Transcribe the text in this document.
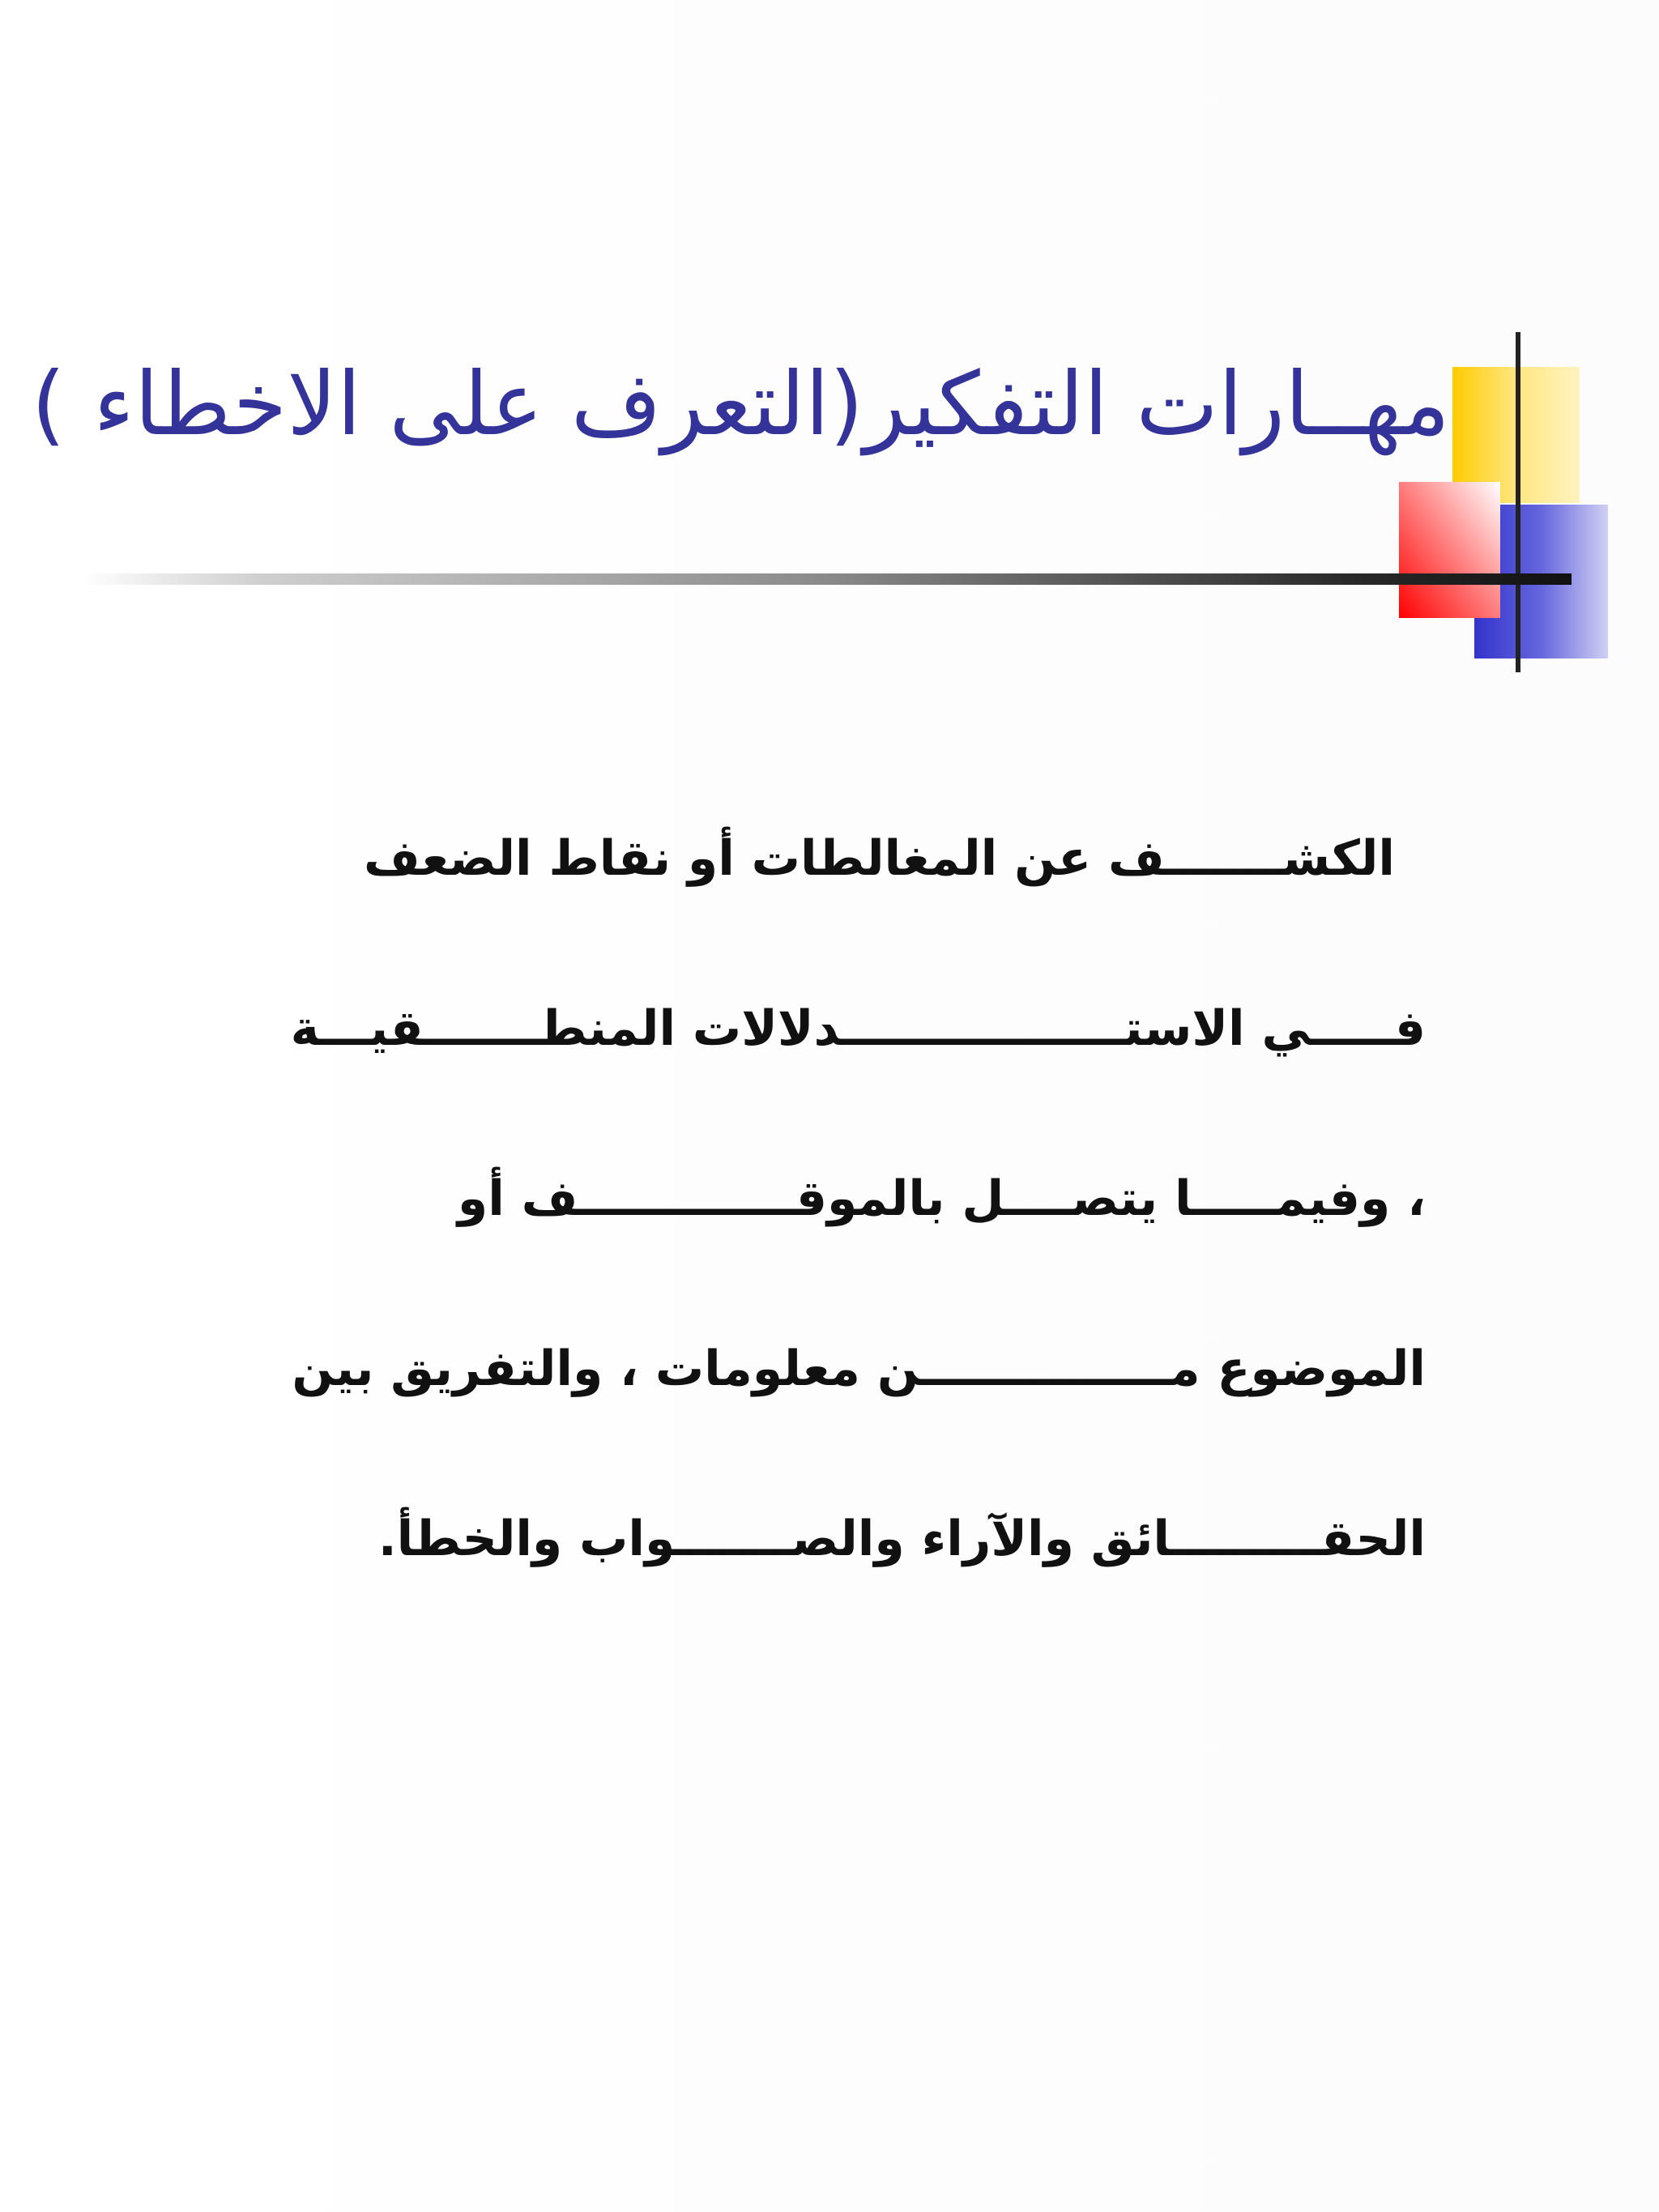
مهــارات التفكير(التعرف على الاخطاء )
الكشـــــــف عن المغالطات أو نقاط الضعف
فـــــي الاستـــــــــــــــــدلالات المنطـــــــقيـــة
، وفيمـــــا يتصــــل بالموقـــــــــــــف أو
الموضوع مـــــــــــــــن معلومات ، والتفريق بين
الحقـــــــــائق والآراء والصـــــــواب والخطأ.
